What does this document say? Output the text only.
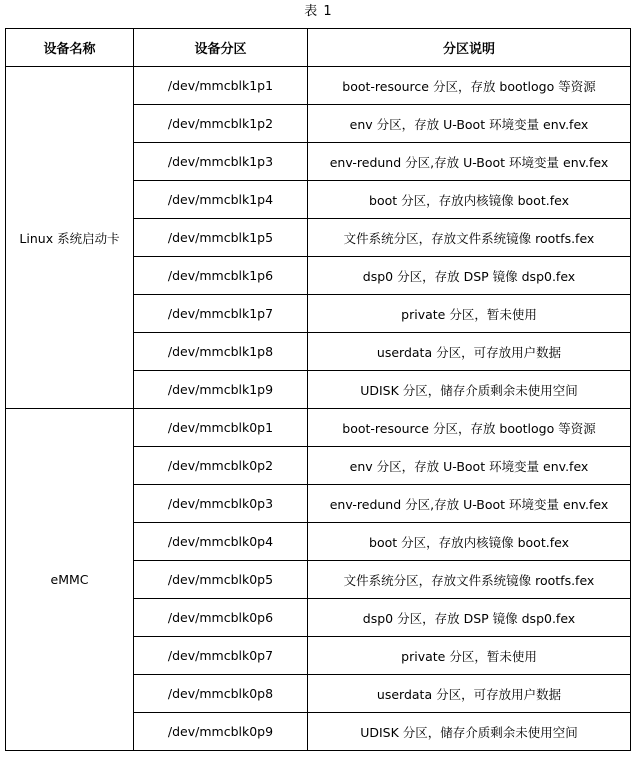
表 1
设备名称	设备分区	分区说明
Linux 系统启动卡	/dev/mmcblk1p1	boot-resource 分区，存放 bootlogo 等资源
	/dev/mmcblk1p2	env 分区，存放 U-Boot 环境变量 env.fex
	/dev/mmcblk1p3	env-redund 分区,存放 U-Boot 环境变量 env.fex
	/dev/mmcblk1p4	boot 分区，存放内核镜像 boot.fex
	/dev/mmcblk1p5	文件系统分区，存放文件系统镜像 rootfs.fex
	/dev/mmcblk1p6	dsp0 分区，存放 DSP 镜像 dsp0.fex
	/dev/mmcblk1p7	private 分区，暂未使用
	/dev/mmcblk1p8	userdata 分区，可存放用户数据
	/dev/mmcblk1p9	UDISK 分区，储存介质剩余未使用空间
eMMC	/dev/mmcblk0p1	boot-resource 分区，存放 bootlogo 等资源
	/dev/mmcblk0p2	env 分区，存放 U-Boot 环境变量 env.fex
	/dev/mmcblk0p3	env-redund 分区,存放 U-Boot 环境变量 env.fex
	/dev/mmcblk0p4	boot 分区，存放内核镜像 boot.fex
	/dev/mmcblk0p5	文件系统分区，存放文件系统镜像 rootfs.fex
	/dev/mmcblk0p6	dsp0 分区，存放 DSP 镜像 dsp0.fex
	/dev/mmcblk0p7	private 分区，暂未使用
	/dev/mmcblk0p8	userdata 分区，可存放用户数据
	/dev/mmcblk0p9	UDISK 分区，储存介质剩余未使用空间
